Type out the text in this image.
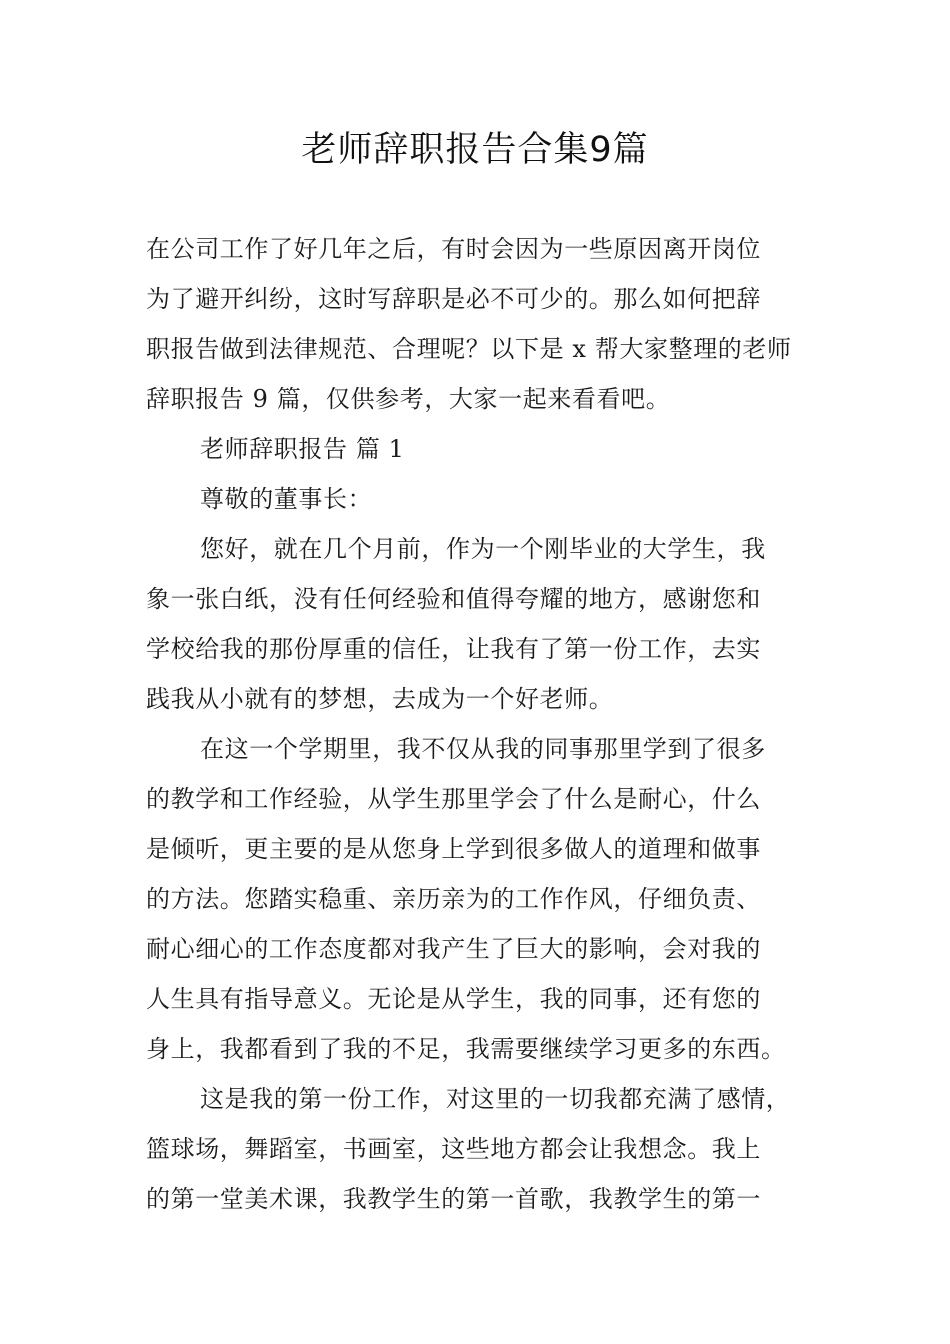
老师辞职报告合集9篇
在公司工作了好几年之后，有时会因为一些原因离开岗位
为了避开纠纷，这时写辞职是必不可少的。那么如何把辞
职报告做到法律规范、合理呢？以下是 x 帮大家整理的老师
辞职报告 9 篇，仅供参考，大家一起来看看吧。
老师辞职报告 篇 1
尊敬的董事长：
您好，就在几个月前，作为一个刚毕业的大学生，我
象一张白纸，没有任何经验和值得夸耀的地方，感谢您和
学校给我的那份厚重的信任，让我有了第一份工作，去实
践我从小就有的梦想，去成为一个好老师。
在这一个学期里，我不仅从我的同事那里学到了很多
的教学和工作经验，从学生那里学会了什么是耐心，什么
是倾听，更主要的是从您身上学到很多做人的道理和做事
的方法。您踏实稳重、亲历亲为的工作作风，仔细负责、
耐心细心的工作态度都对我产生了巨大的影响，会对我的
人生具有指导意义。无论是从学生，我的同事，还有您的
身上，我都看到了我的不足，我需要继续学习更多的东西。
这是我的第一份工作，对这里的一切我都充满了感情，
篮球场，舞蹈室，书画室，这些地方都会让我想念。我上
的第一堂美术课，我教学生的第一首歌，我教学生的第一
